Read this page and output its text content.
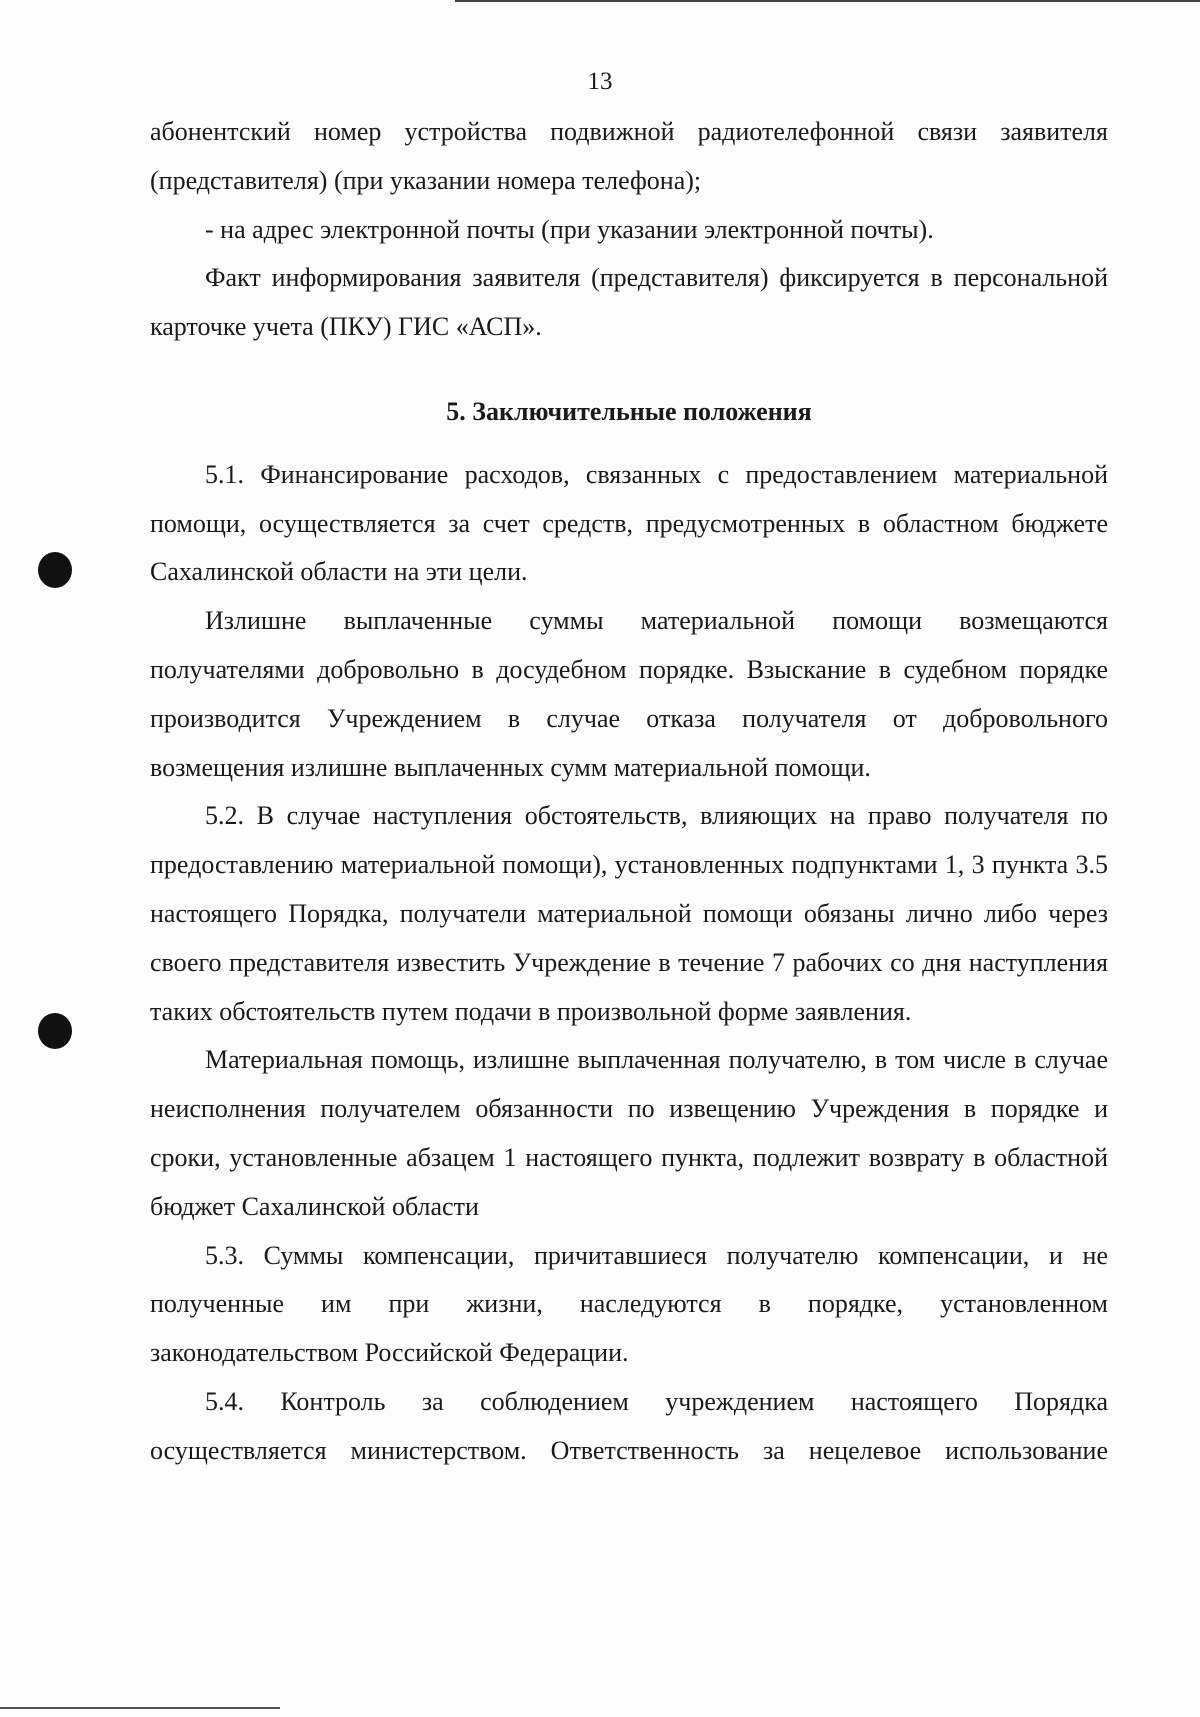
13

абонентский номер устройства подвижной радиотелефонной связи заявителя (представителя) (при указании номера телефона);

- на адрес электронной почты (при указании электронной почты).

Факт информирования заявителя (представителя) фиксируется в персональной карточке учета (ПКУ) ГИС «АСП».

5. Заключительные положения

5.1. Финансирование расходов, связанных с предоставлением материальной помощи, осуществляется за счет средств, предусмотренных в областном бюджете Сахалинской области на эти цели.

Излишне выплаченные суммы материальной помощи возмещаются получателями добровольно в досудебном порядке. Взыскание в судебном порядке производится Учреждением в случае отказа получателя от добровольного возмещения излишне выплаченных сумм материальной помощи.

5.2. В случае наступления обстоятельств, влияющих на право получателя по предоставлению материальной помощи), установленных подпунктами 1, 3 пункта 3.5 настоящего Порядка, получатели материальной помощи обязаны лично либо через своего представителя известить Учреждение в течение 7 рабочих со дня наступления таких обстоятельств путем подачи в произвольной форме заявления.

Материальная помощь, излишне выплаченная получателю, в том числе в случае неисполнения получателем обязанности по извещению Учреждения в порядке и сроки, установленные абзацем 1 настоящего пункта, подлежит возврату в областной бюджет Сахалинской области

5.3. Суммы компенсации, причитавшиеся получателю компенсации, и не полученные им при жизни, наследуются в порядке, установленном законодательством Российской Федерации.

5.4. Контроль за соблюдением учреждением настоящего Порядка осуществляется министерством. Ответственность за нецелевое использование
